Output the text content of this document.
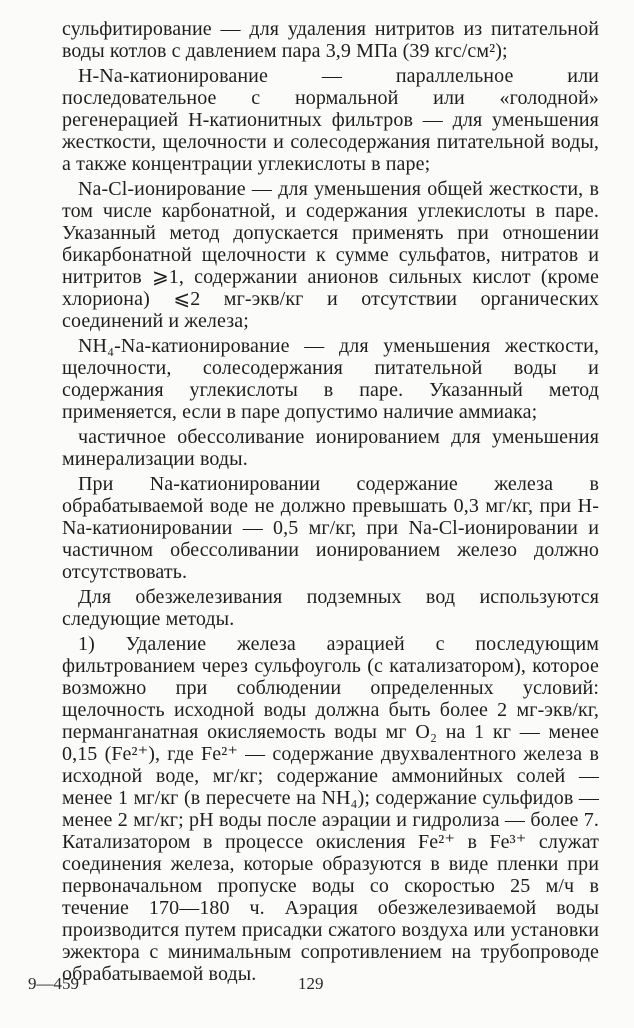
сульфитирование — для удаления нитритов из питательной воды котлов с давлением пара 3,9 МПа (39 кгс/см²);

H-Na-катионирование — параллельное или последовательное с нормальной или «голодной» регенерацией H-катионитных фильтров — для уменьшения жесткости, щелочности и солесодержания питательной воды, а также концентрации углекислоты в паре;

Na-Cl-ионирование — для уменьшения общей жесткости, в том числе карбонатной, и содержания углекислоты в паре. Указанный метод допускается применять при отношении бикарбонатной щелочности к сумме сульфатов, нитратов и нитритов ⩾1, содержании анионов сильных кислот (кроме хлориона) ⩽2 мг-экв/кг и отсутствии органических соединений и железа;

NH₄-Na-катионирование — для уменьшения жесткости, щелочности, солесодержания питательной воды и содержания углекислоты в паре. Указанный метод применяется, если в паре допустимо наличие аммиака;

частичное обессоливание ионированием для уменьшения минерализации воды.

При Na-катионировании содержание железа в обрабатываемой воде не должно превышать 0,3 мг/кг, при H-Na-катионировании — 0,5 мг/кг, при Na-Cl-ионировании и частичном обессоливании ионированием железо должно отсутствовать.

Для обезжелезивания подземных вод используются следующие методы.

1) Удаление железа аэрацией с последующим фильтрованием через сульфоуголь (с катализатором), которое возможно при соблюдении определенных условий: щелочность исходной воды должна быть более 2 мг-экв/кг, перманганатная окисляемость воды мг O₂ на 1 кг — менее 0,15 (Fe²⁺), где Fe²⁺ — содержание двухвалентного железа в исходной воде, мг/кг; содержание аммонийных солей — менее 1 мг/кг (в пересчете на NH₄); содержание сульфидов — менее 2 мг/кг; pH воды после аэрации и гидролиза — более 7. Катализатором в процессе окисления Fe²⁺ в Fe³⁺ служат соединения железа, которые образуются в виде пленки при первоначальном пропуске воды со скоростью 25 м/ч в течение 170—180 ч. Аэрация обезжелезиваемой воды производится путем присадки сжатого воздуха или установки эжектора с минимальным сопротивлением на трубопроводе обрабатываемой воды.

9—459	129
